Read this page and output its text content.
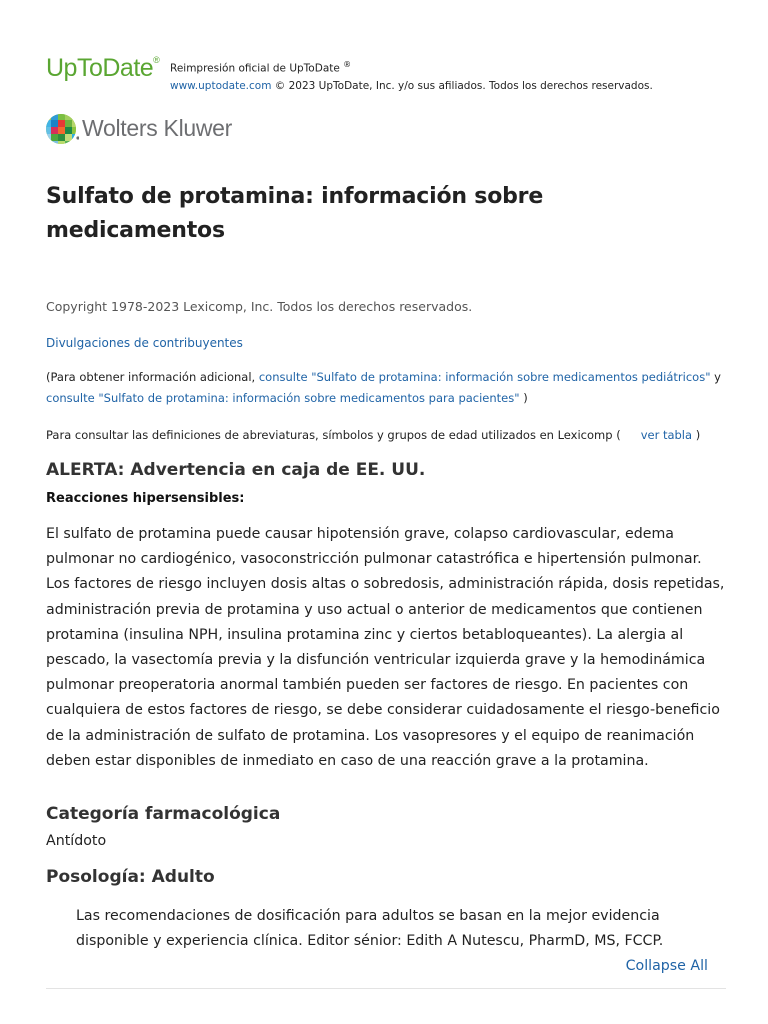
UpToDate®
Reimpresión oficial de UpToDate ®
www.uptodate.com © 2023 UpToDate, Inc. y/o sus afiliados. Todos los derechos reservados.
Wolters Kluwer
Sulfato de protamina: información sobre medicamentos
Copyright 1978-2023 Lexicomp, Inc. Todos los derechos reservados.
Divulgaciones de contribuyentes
(Para obtener información adicional, consulte "Sulfato de protamina: información sobre medicamentos pediátricos" y consulte "Sulfato de protamina: información sobre medicamentos para pacientes" )
Para consultar las definiciones de abreviaturas, símbolos y grupos de edad utilizados en Lexicomp ( ver tabla )
ALERTA: Advertencia en caja de EE. UU.
Reacciones hipersensibles:
El sulfato de protamina puede causar hipotensión grave, colapso cardiovascular, edema pulmonar no cardiogénico, vasoconstricción pulmonar catastrófica e hipertensión pulmonar. Los factores de riesgo incluyen dosis altas o sobredosis, administración rápida, dosis repetidas, administración previa de protamina y uso actual o anterior de medicamentos que contienen protamina (insulina NPH, insulina protamina zinc y ciertos betabloqueantes). La alergia al pescado, la vasectomía previa y la disfunción ventricular izquierda grave y la hemodinámica pulmonar preoperatoria anormal también pueden ser factores de riesgo. En pacientes con cualquiera de estos factores de riesgo, se debe considerar cuidadosamente el riesgo-beneficio de la administración de sulfato de protamina. Los vasopresores y el equipo de reanimación deben estar disponibles de inmediato en caso de una reacción grave a la protamina.
Categoría farmacológica
Antídoto
Posología: Adulto
Las recomendaciones de dosificación para adultos se basan en la mejor evidencia disponible y experiencia clínica. Editor sénior: Edith A Nutescu, PharmD, MS, FCCP.
Collapse All
